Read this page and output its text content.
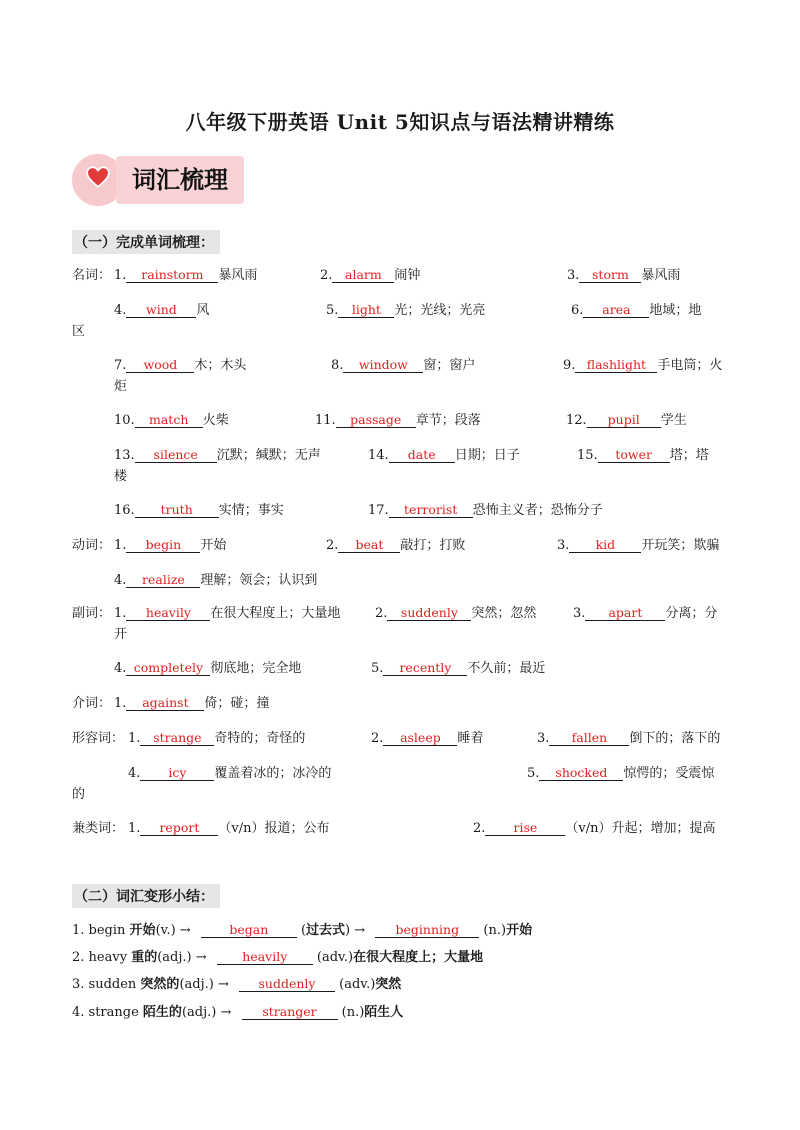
八年级下册英语 Unit 5知识点与语法精讲精练
词汇梳理
（一）完成单词梳理：
名词： 1. rainstorm 暴风雨	2. alarm 闹钟	3. storm 暴风雨
4. wind 风	5. light 光；光线；光亮	6. area 地域；地
7. wood 木；木头	8. window 窗；窗户	9. flashlight 手电筒；火
10. match 火柴	11. passage 章节；段落	12. pupil 学生
13. silence 沉默；缄默；无声	14. date 日期；日子	15. tower 塔；塔
16. truth 实情；事实	17. terrorist 恐怖主义者；恐怖分子
区
炬
楼
动词： 1. begin 开始	2. beat 敲打；打败	3. kid 开玩笑；欺骗
4. realize 理解；领会；认识到
副词： 1. heavily 在很大程度上；大量地	2. suddenly 突然；忽然	3. apart 分离；分
4. completely 彻底地；完全地	5. recently 不久前；最近
开
介词： 1. against 倚；碰；撞
形容词： 1. strange 奇特的；奇怪的	2. asleep 睡着	3. fallen 倒下的；落下的
4. icy 覆盖着冰的；冰冷的	5. shocked 惊愕的；受震惊
的
兼类词： 1. report （v/n）报道；公布	2. rise （v/n）升起；增加；提高
（二）词汇变形小结：
1. begin 开始(v.) →	began (过去式) → beginning (n.)开始
2. heavy 重的(adj.) →	heavily (adv.)在很大程度上；大量地
3. sudden 突然的(adj.) → suddenly (adv.)突然
4. strange 陌生的(adj.) → stranger (n.)陌生人
